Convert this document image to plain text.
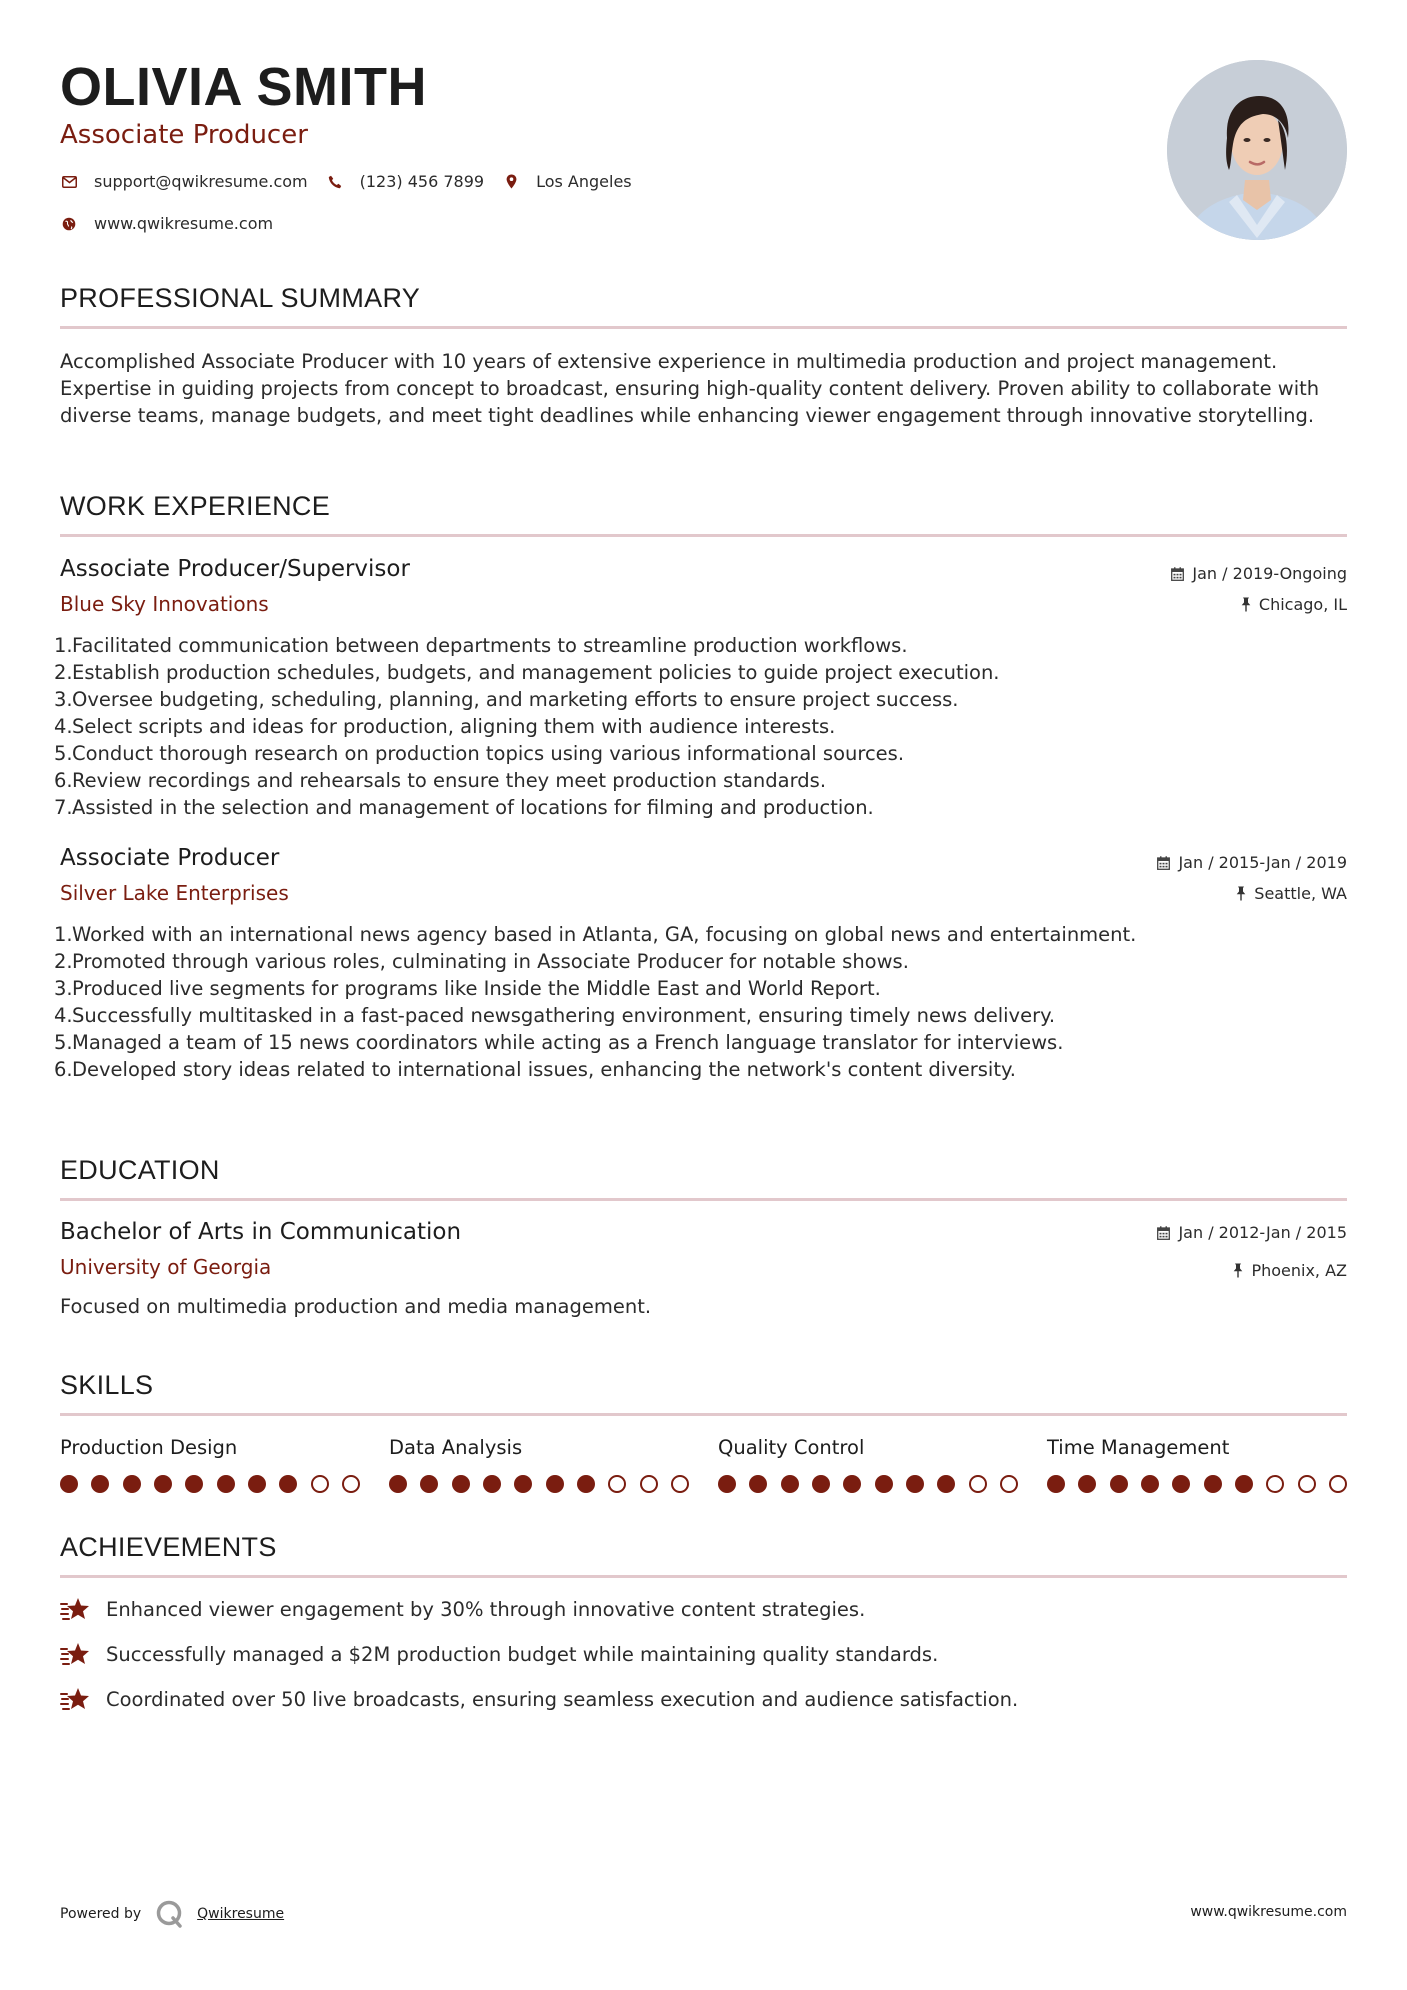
OLIVIA SMITH
Associate Producer
support@qwikresume.com	(123) 456 7899	Los Angeles
www.qwikresume.com
PROFESSIONAL SUMMARY
Accomplished Associate Producer with 10 years of extensive experience in multimedia production and project management. Expertise in guiding projects from concept to broadcast, ensuring high-quality content delivery. Proven ability to collaborate with diverse teams, manage budgets, and meet tight deadlines while enhancing viewer engagement through innovative storytelling.
WORK EXPERIENCE
Associate Producer/Supervisor
Blue Sky Innovations
Jan / 2019-Ongoing
Chicago, IL
1. Facilitated communication between departments to streamline production workflows.
2. Establish production schedules, budgets, and management policies to guide project execution.
3. Oversee budgeting, scheduling, planning, and marketing efforts to ensure project success.
4. Select scripts and ideas for production, aligning them with audience interests.
5. Conduct thorough research on production topics using various informational sources.
6. Review recordings and rehearsals to ensure they meet production standards.
7. Assisted in the selection and management of locations for filming and production.
Associate Producer
Silver Lake Enterprises
Jan / 2015-Jan / 2019
Seattle, WA
1. Worked with an international news agency based in Atlanta, GA, focusing on global news and entertainment.
2. Promoted through various roles, culminating in Associate Producer for notable shows.
3. Produced live segments for programs like Inside the Middle East and World Report.
4. Successfully multitasked in a fast-paced newsgathering environment, ensuring timely news delivery.
5. Managed a team of 15 news coordinators while acting as a French language translator for interviews.
6. Developed story ideas related to international issues, enhancing the network's content diversity.
EDUCATION
Bachelor of Arts in Communication
University of Georgia
Jan / 2012-Jan / 2015
Phoenix, AZ
Focused on multimedia production and media management.
SKILLS
Production Design	Data Analysis	Quality Control	Time Management
ACHIEVEMENTS
Enhanced viewer engagement by 30% through innovative content strategies.
Successfully managed a $2M production budget while maintaining quality standards.
Coordinated over 50 live broadcasts, ensuring seamless execution and audience satisfaction.
Powered by	Qwikresume	www.qwikresume.com
